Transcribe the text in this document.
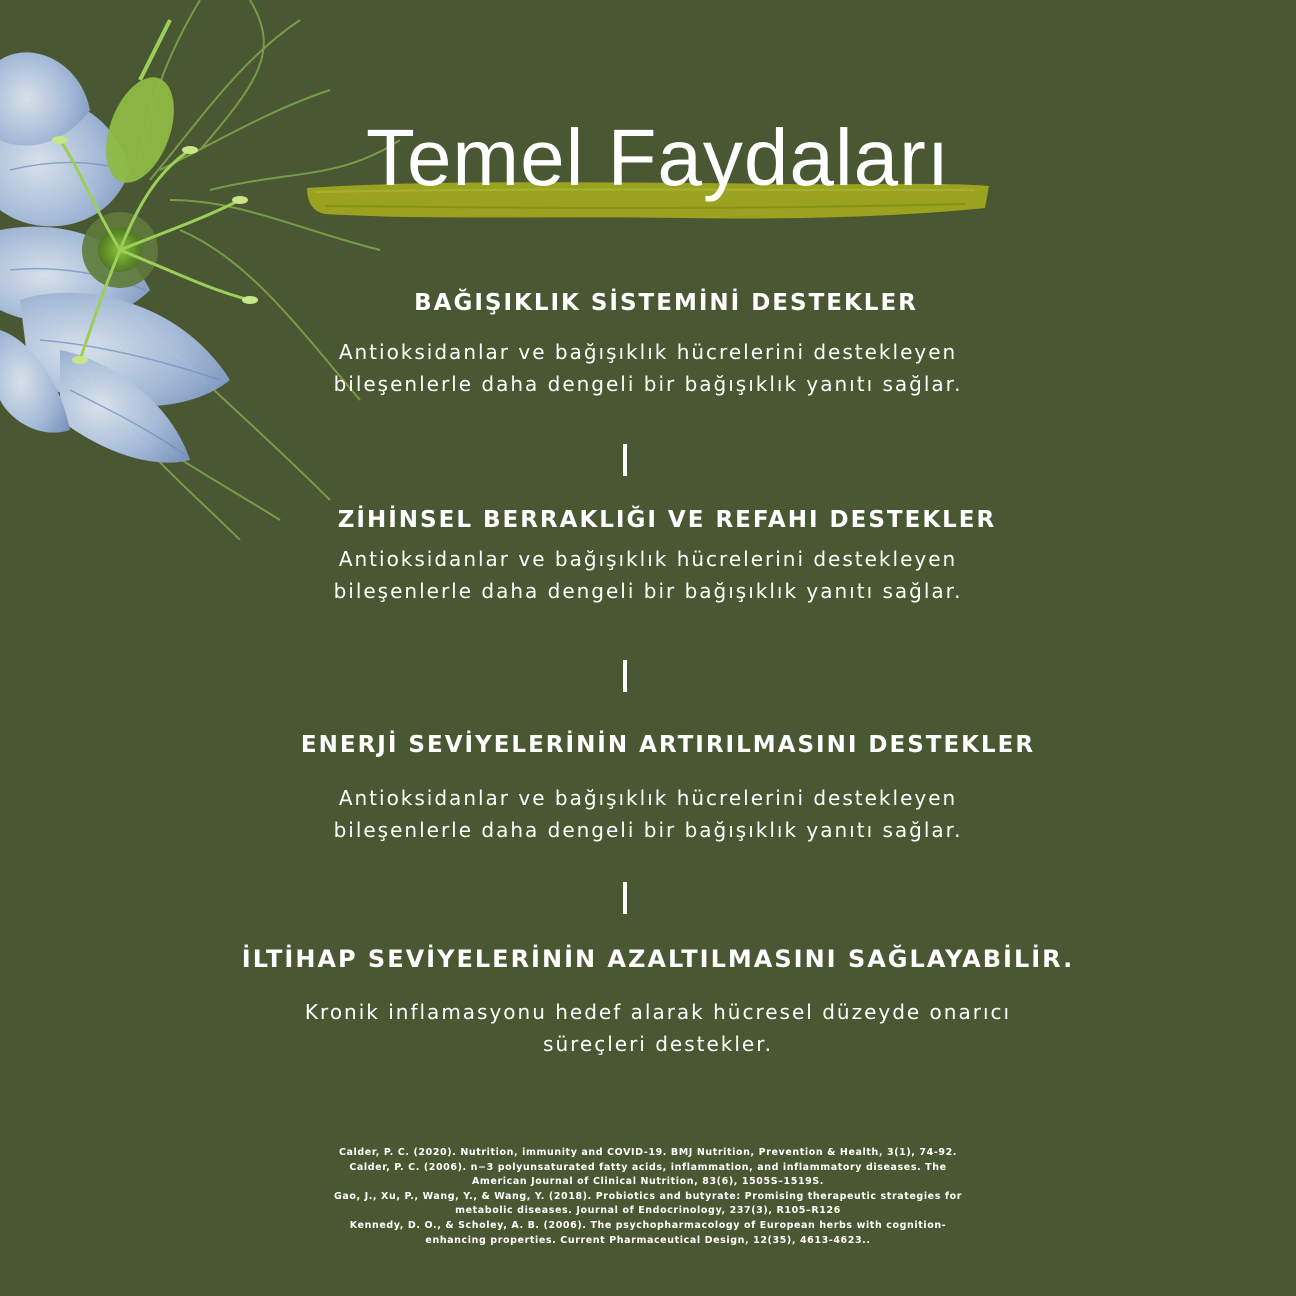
Temel Faydaları
BAĞIŞIKLIK SİSTEMİNİ DESTEKLER

Antioksidanlar ve bağışıklık hücrelerini destekleyen
bileşenlerle daha dengeli bir bağışıklık yanıtı sağlar.

ZİHİNSEL BERRAKLIĞI VE REFAHI DESTEKLER

Antioksidanlar ve bağışıklık hücrelerini destekleyen
bileşenlerle daha dengeli bir bağışıklık yanıtı sağlar.

ENERJİ SEVİYELERİNİN ARTIRILMASINI DESTEKLER

Antioksidanlar ve bağışıklık hücrelerini destekleyen
bileşenlerle daha dengeli bir bağışıklık yanıtı sağlar.

İLTİHAP SEVİYELERİNİN AZALTILMASINI SAĞLAYABİLİR.

Kronik inflamasyonu hedef alarak hücresel düzeyde onarıcı
süreçleri destekler.

Calder, P. C. (2020). Nutrition, immunity and COVID-19. BMJ Nutrition, Prevention & Health, 3(1), 74-92.
Calder, P. C. (2006). n−3 polyunsaturated fatty acids, inflammation, and inflammatory diseases. The
American Journal of Clinical Nutrition, 83(6), 1505S–1519S.
Gao, J., Xu, P., Wang, Y., & Wang, Y. (2018). Probiotics and butyrate: Promising therapeutic strategies for
metabolic diseases. Journal of Endocrinology, 237(3), R105–R126
Kennedy, D. O., & Scholey, A. B. (2006). The psychopharmacology of European herbs with cognition-
enhancing properties. Current Pharmaceutical Design, 12(35), 4613-4623..
